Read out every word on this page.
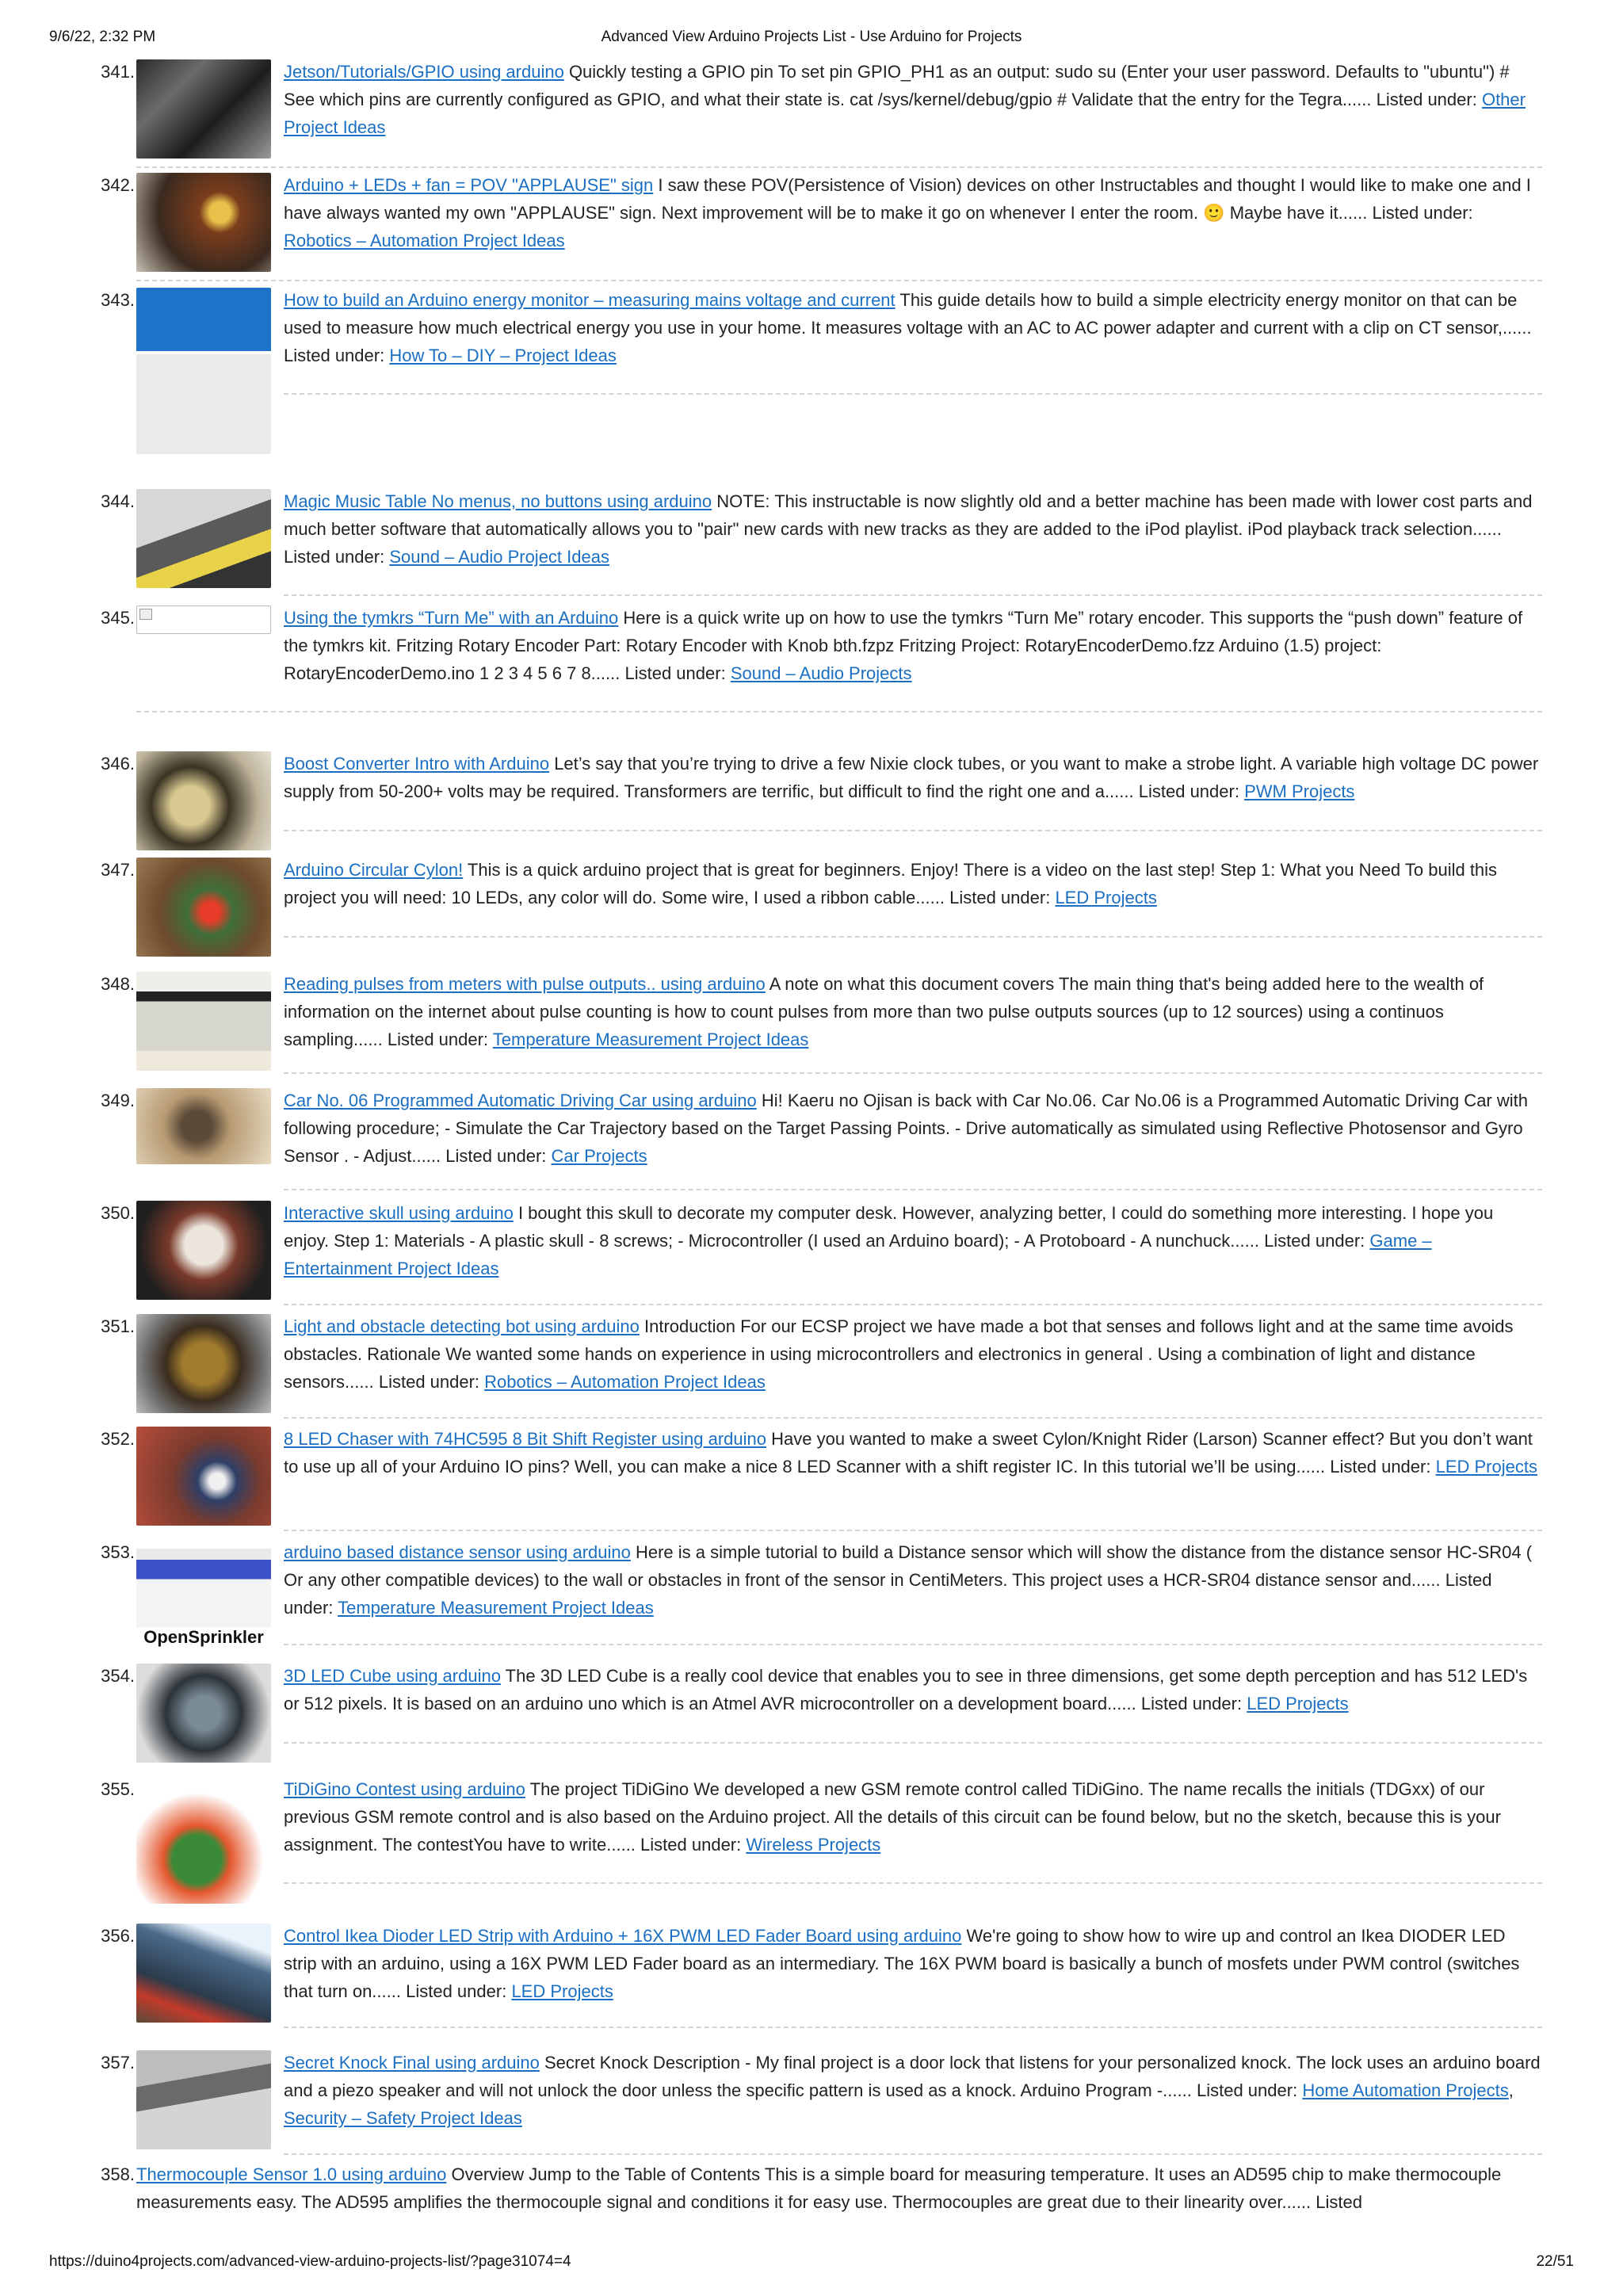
9/6/22, 2:32 PM	Advanced View Arduino Projects List - Use Arduino for Projects
341.	Jetson/Tutorials/GPIO using arduino Quickly testing a GPIO pin To set pin GPIO_PH1 as an output: sudo su (Enter your user password. Defaults to "ubuntu") # See which pins are currently configured as GPIO, and what their state is. cat /sys/kernel/debug/gpio # Validate that the entry for the Tegra...... Listed under: Other Project Ideas
342.	Arduino + LEDs + fan = POV "APPLAUSE" sign I saw these POV(Persistence of Vision) devices on other Instructables and thought I would like to make one and I have always wanted my own "APPLAUSE" sign. Next improvement will be to make it go on whenever I enter the room. 🙂 Maybe have it...... Listed under: Robotics – Automation Project Ideas
343.	How to build an Arduino energy monitor – measuring mains voltage and current This guide details how to build a simple electricity energy monitor on that can be used to measure how much electrical energy you use in your home. It measures voltage with an AC to AC power adapter and current with a clip on CT sensor,...... Listed under: How To – DIY – Project Ideas
344.	Magic Music Table No menus, no buttons using arduino NOTE: This instructable is now slightly old and a better machine has been made with lower cost parts and much better software that automatically allows you to "pair" new cards with new tracks as they are added to the iPod playlist. iPod playback track selection...... Listed under: Sound – Audio Project Ideas
345.	Using the tymkrs “Turn Me” with an Arduino Here is a quick write up on how to use the tymkrs “Turn Me” rotary encoder. This supports the “push down” feature of the tymkrs kit. Fritzing Rotary Encoder Part: Rotary Encoder with Knob bth.fzpz Fritzing Project: RotaryEncoderDemo.fzz Arduino (1.5) project: RotaryEncoderDemo.ino 1 2 3 4 5 6 7 8...... Listed under: Sound – Audio Projects
346.	Boost Converter Intro with Arduino Let’s say that you’re trying to drive a few Nixie clock tubes, or you want to make a strobe light. A variable high voltage DC power supply from 50-200+ volts may be required. Transformers are terrific, but difficult to find the right one and a...... Listed under: PWM Projects
347.	Arduino Circular Cylon! This is a quick arduino project that is great for beginners. Enjoy! There is a video on the last step! Step 1: What you Need To build this project you will need: 10 LEDs, any color will do. Some wire, I used a ribbon cable...... Listed under: LED Projects
348.	Reading pulses from meters with pulse outputs.. using arduino A note on what this document covers The main thing that's being added here to the wealth of information on the internet about pulse counting is how to count pulses from more than two pulse outputs sources (up to 12 sources) using a continuos sampling...... Listed under: Temperature Measurement Project Ideas
349.	Car No. 06 Programmed Automatic Driving Car using arduino Hi! Kaeru no Ojisan is back with Car No.06. Car No.06 is a Programmed Automatic Driving Car with following procedure; - Simulate the Car Trajectory based on the Target Passing Points. - Drive automatically as simulated using Reflective Photosensor and Gyro Sensor . - Adjust...... Listed under: Car Projects
350.	Interactive skull using arduino I bought this skull to decorate my computer desk. However, analyzing better, I could do something more interesting. I hope you enjoy. Step 1: Materials - A plastic skull - 8 screws; - Microcontroller (I used an Arduino board); - A Protoboard - A nunchuck...... Listed under: Game – Entertainment Project Ideas
351.	Light and obstacle detecting bot using arduino Introduction For our ECSP project we have made a bot that senses and follows light and at the same time avoids obstacles. Rationale We wanted some hands on experience in using microcontrollers and electronics in general . Using a combination of light and distance sensors...... Listed under: Robotics – Automation Project Ideas
352.	8 LED Chaser with 74HC595 8 Bit Shift Register using arduino Have you wanted to make a sweet Cylon/Knight Rider (Larson) Scanner effect? But you don’t want to use up all of your Arduino IO pins? Well, you can make a nice 8 LED Scanner with a shift register IC. In this tutorial we’ll be using...... Listed under: LED Projects
353.
OpenSprinkler
arduino based distance sensor using arduino Here is a simple tutorial to build a Distance sensor which will show the distance from the distance sensor HC-SR04 ( Or any other compatible devices) to the wall or obstacles in front of the sensor in CentiMeters. This project uses a HCR-SR04 distance sensor and...... Listed under: Temperature Measurement Project Ideas
354.	3D LED Cube using arduino The 3D LED Cube is a really cool device that enables you to see in three dimensions, get some depth perception and has 512 LED's or 512 pixels. It is based on an arduino uno which is an Atmel AVR microcontroller on a development board...... Listed under: LED Projects
355.	TiDiGino Contest using arduino The project TiDiGino We developed a new GSM remote control called TiDiGino. The name recalls the initials (TDGxx) of our previous GSM remote control and is also based on the Arduino project. All the details of this circuit can be found below, but no the sketch, because this is your assignment. The contestYou have to write...... Listed under: Wireless Projects
356.	Control Ikea Dioder LED Strip with Arduino + 16X PWM LED Fader Board using arduino We're going to show how to wire up and control an Ikea DIODER LED strip with an arduino, using a 16X PWM LED Fader board as an intermediary. The 16X PWM board is basically a bunch of mosfets under PWM control (switches that turn on...... Listed under: LED Projects
357.	Secret Knock Final using arduino Secret Knock Description - My final project is a door lock that listens for your personalized knock. The lock uses an arduino board and a piezo speaker and will not unlock the door unless the specific pattern is used as a knock. Arduino Program -...... Listed under: Home Automation Projects, Security – Safety Project Ideas
358. Thermocouple Sensor 1.0 using arduino Overview Jump to the Table of Contents This is a simple board for measuring temperature. It uses an AD595 chip to make thermocouple measurements easy. The AD595 amplifies the thermocouple signal and conditions it for easy use. Thermocouples are great due to their linearity over...... Listed
https://duino4projects.com/advanced-view-arduino-projects-list/?page31074=4	22/51
